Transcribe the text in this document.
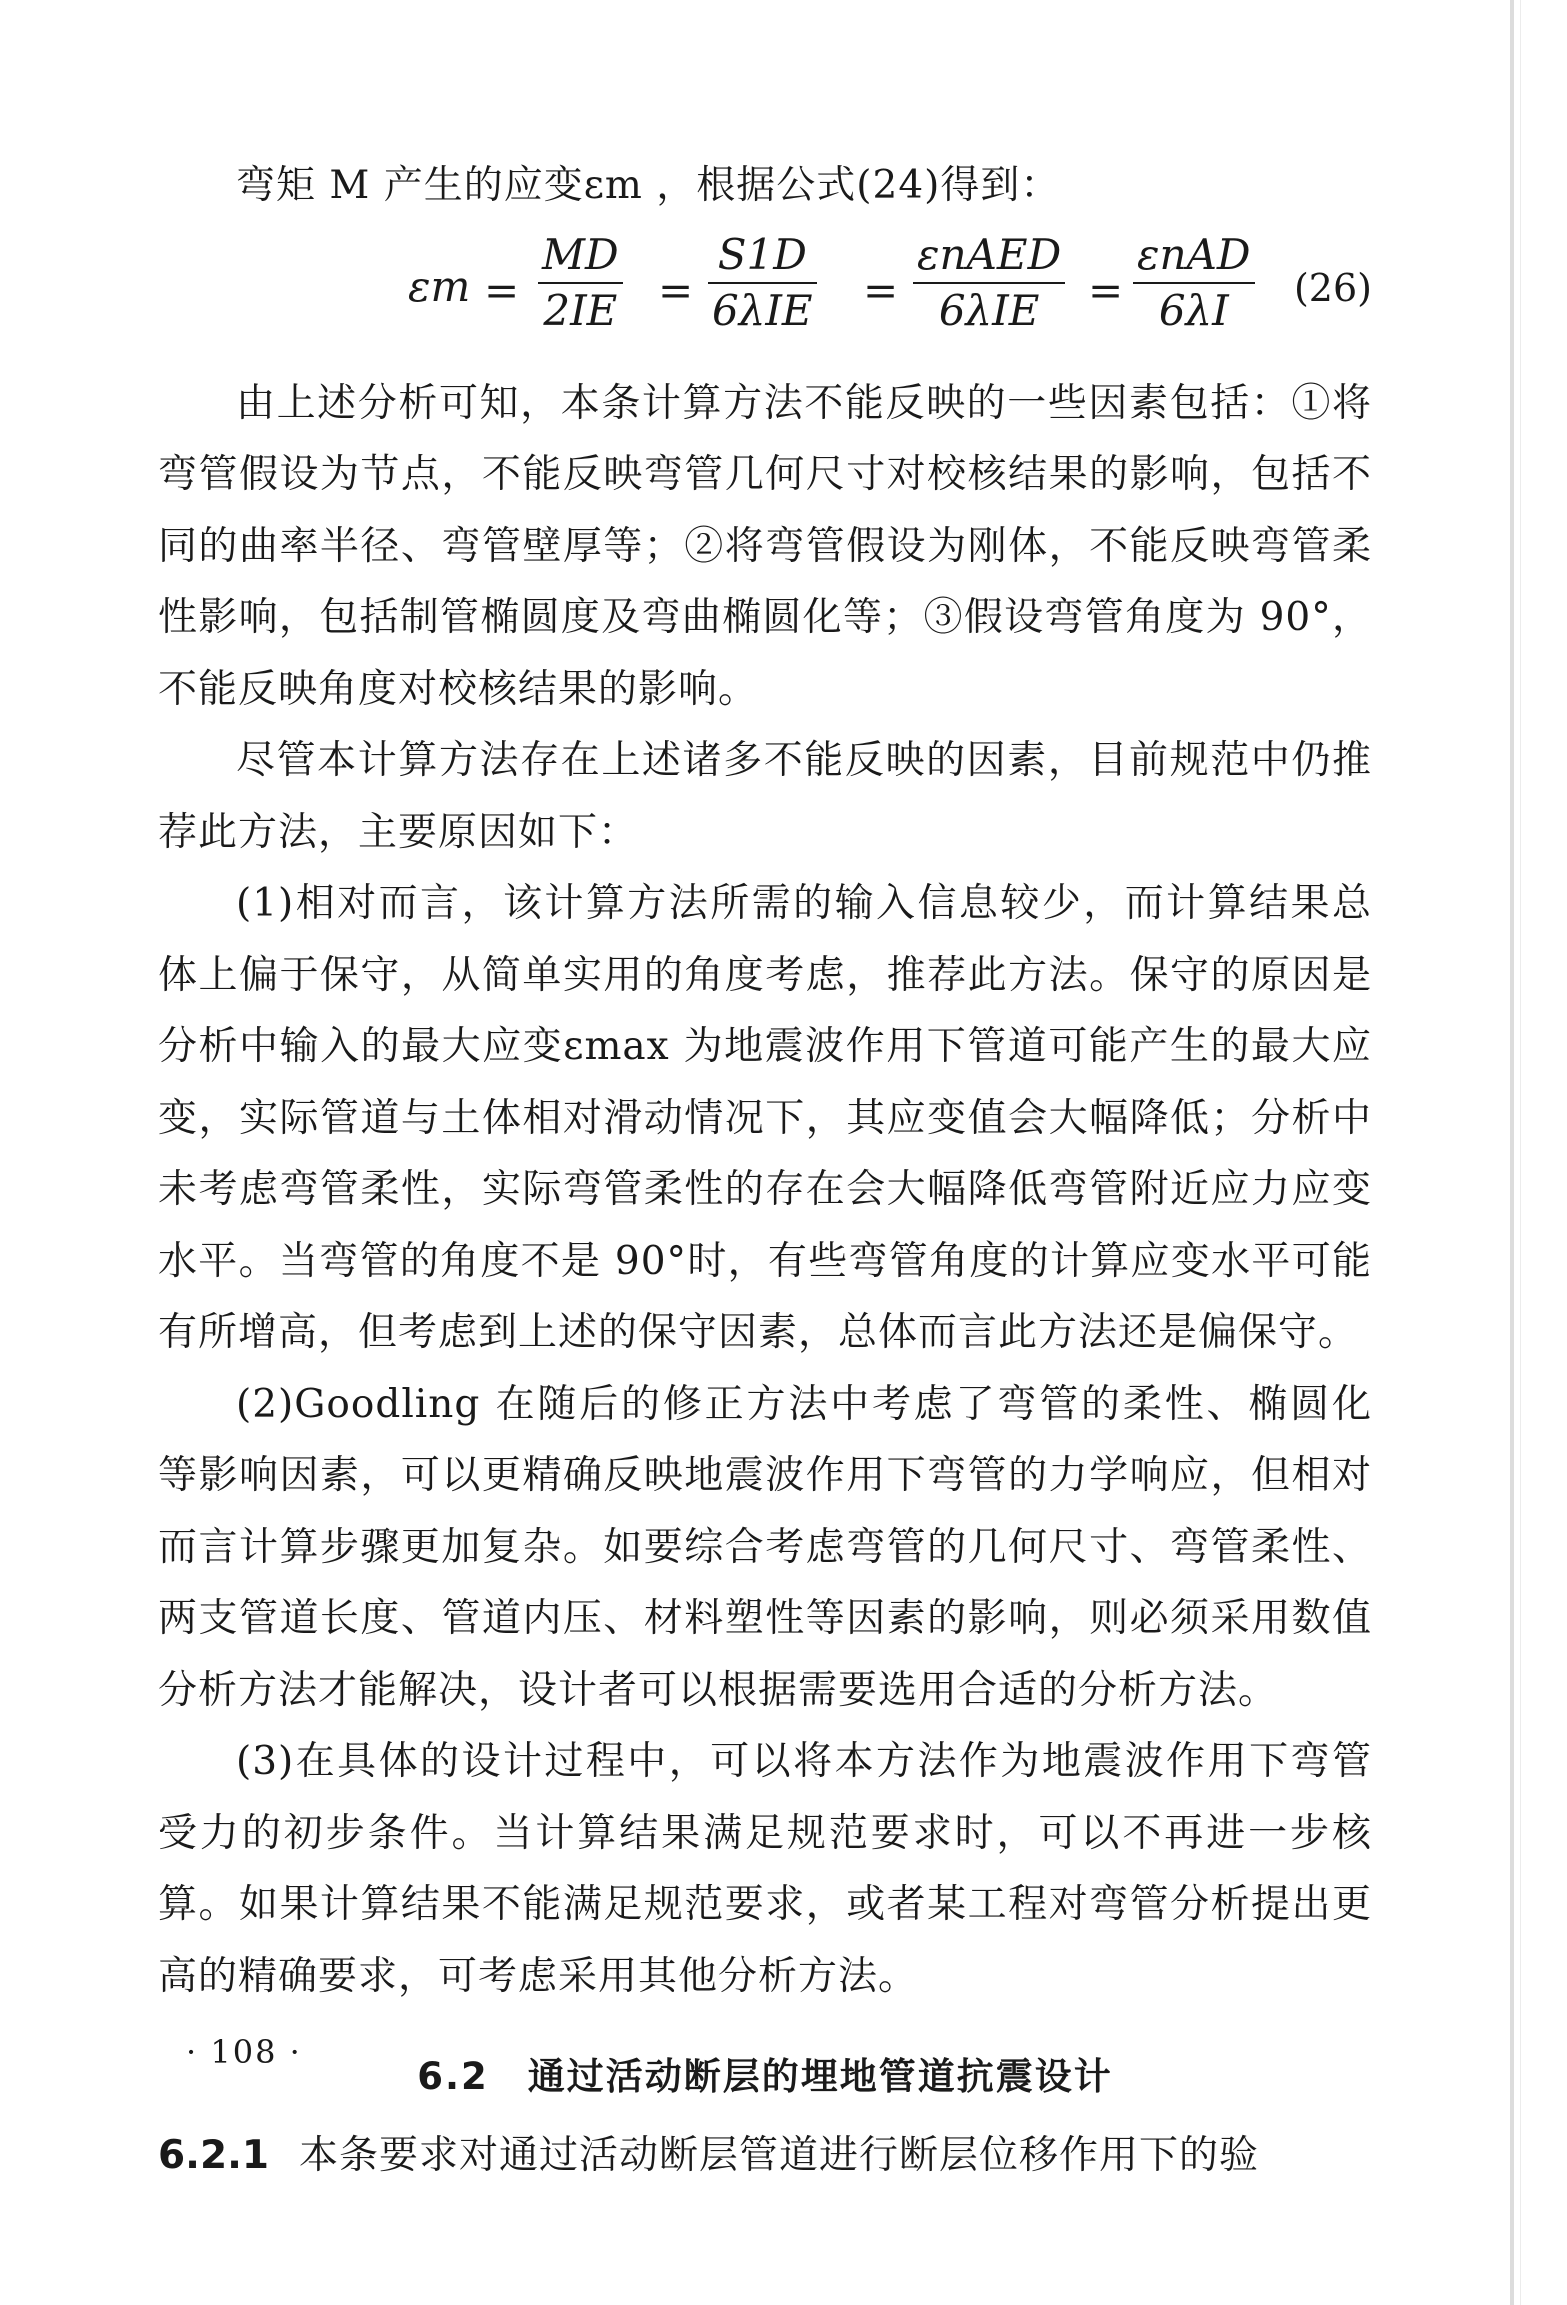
弯矩 M 产生的应变εm ，根据公式(24)得到：

εm =
MD
2IE =
S1D
6λIE =
εnAED
6λIE =
εnAD
6λI (26)

由上述分析可知，本条计算方法不能反映的一些因素包括：①将弯管假设为节点，不能反映弯管几何尺寸对校核结果的影响，包括不同的曲率半径、弯管壁厚等；②将弯管假设为刚体，不能反映弯管柔性影响，包括制管椭圆度及弯曲椭圆化等；③假设弯管角度为 90°，不能反映角度对校核结果的影响。

尽管本计算方法存在上述诸多不能反映的因素，目前规范中仍推荐此方法，主要原因如下：

(1)相对而言，该计算方法所需的输入信息较少，而计算结果总体上偏于保守，从简单实用的角度考虑，推荐此方法。保守的原因是分析中输入的最大应变εmax 为地震波作用下管道可能产生的最大应变，实际管道与土体相对滑动情况下，其应变值会大幅降低；分析中未考虑弯管柔性，实际弯管柔性的存在会大幅降低弯管附近应力应变水平。当弯管的角度不是 90°时，有些弯管角度的计算应变水平可能有所增高，但考虑到上述的保守因素，总体而言此方法还是偏保守。

(2)Goodling 在随后的修正方法中考虑了弯管的柔性、椭圆化等影响因素，可以更精确反映地震波作用下弯管的力学响应，但相对而言计算步骤更加复杂。如要综合考虑弯管的几何尺寸、弯管柔性、两支管道长度、管道内压、材料塑性等因素的影响，则必须采用数值分析方法才能解决，设计者可以根据需要选用合适的分析方法。

(3)在具体的设计过程中，可以将本方法作为地震波作用下弯管受力的初步条件。当计算结果满足规范要求时，可以不再进一步核算。如果计算结果不能满足规范要求，或者某工程对弯管分析提出更高的精确要求，可考虑采用其他分析方法。

6.2　通过活动断层的埋地管道抗震设计

6.2.1 本条要求对通过活动断层管道进行断层位移作用下的验

· 108 ·
